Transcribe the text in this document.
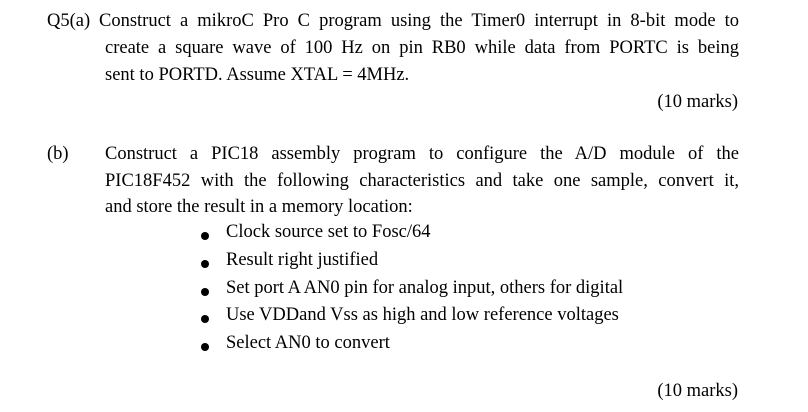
Q5(a) Construct a mikroC Pro C program using the Timer0 interrupt in 8-bit mode to
create a square wave of 100 Hz on pin RB0 while data from PORTC is being
sent to PORTD. Assume XTAL = 4MHz.
(10 marks)
(b) Construct a PIC18 assembly program to configure the A/D module of the
PIC18F452 with the following characteristics and take one sample, convert it,
and store the result in a memory location:
Clock source set to Fosc/64
Result right justified
Set port A AN0 pin for analog input, others for digital
Use VDDand Vss as high and low reference voltages
Select AN0 to convert
(10 marks)
